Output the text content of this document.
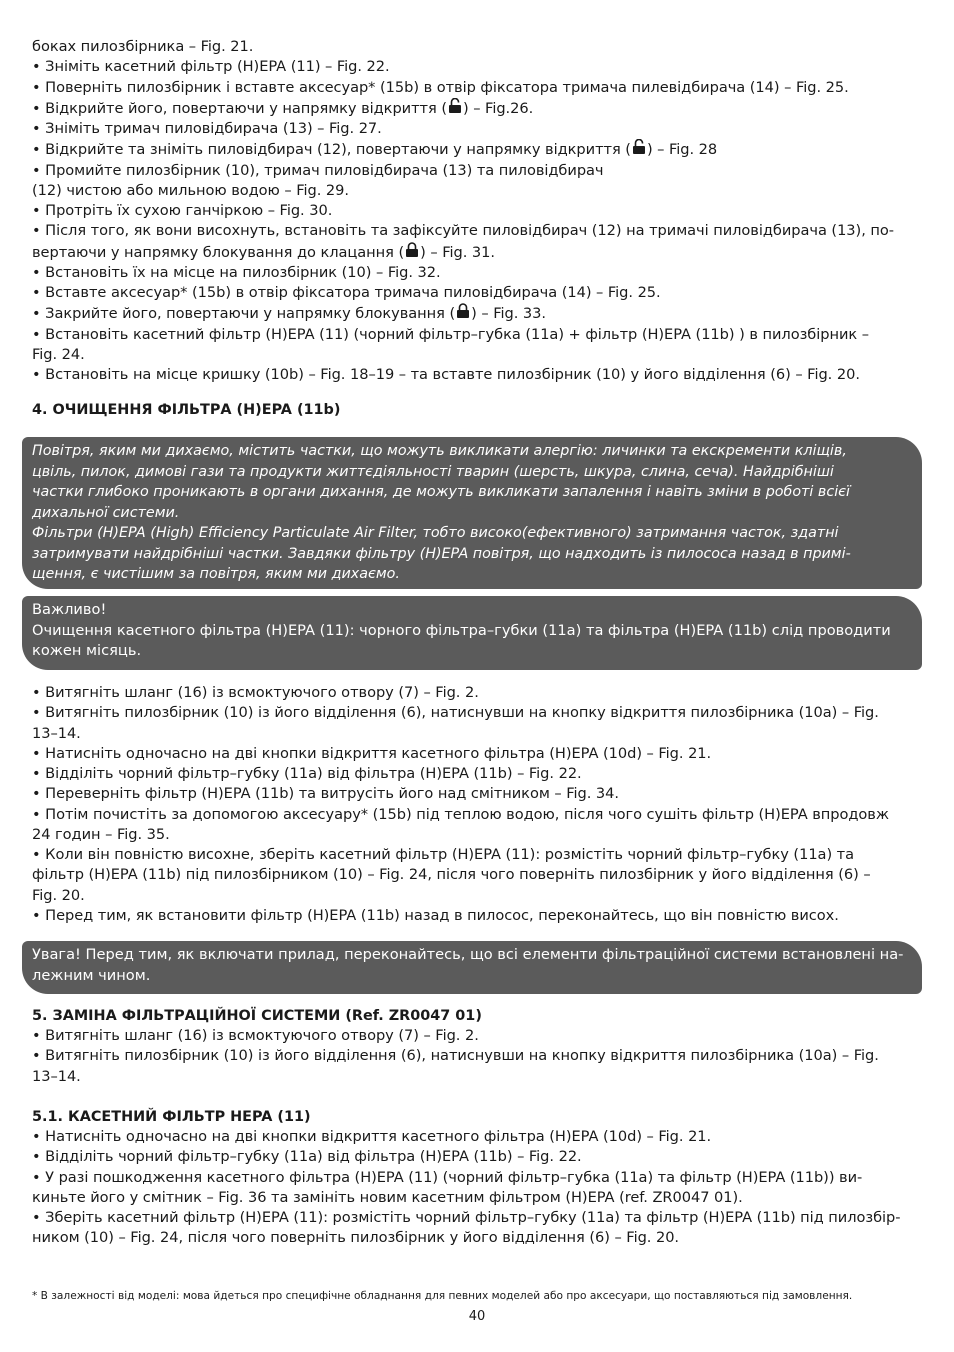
боках пилозбірника – Fig. 21.
• Зніміть касетний фільтр (H)EPA (11) – Fig. 22.
• Поверніть пилозбірник і вставте аксесуар* (15b) в отвір фіксатора тримача пилевідбирача (14) – Fig. 25.
• Відкрийте його, повертаючи у напрямку відкриття ( ) – Fig.26.
• Зніміть тримач пиловідбирача (13) – Fig. 27.
• Відкрийте та зніміть пиловідбирач (12), повертаючи у напрямку відкриття ( ) – Fig. 28
• Промийте пилозбірник (10), тримач пиловідбирача (13) та пиловідбирач
(12) чистою або мильною водою – Fig. 29.
• Протріть їх сухою ганчіркою – Fig. 30.
• Після того, як вони висохнуть, встановіть та зафіксуйте пиловідбирач (12) на тримачі пиловідбирача (13), по-
вертаючи у напрямку блокування до клацання ( ) – Fig. 31.
• Встановіть їх на місце на пилозбірник (10) – Fig. 32.
• Вставте аксесуар* (15b) в отвір фіксатора тримача пиловідбирача (14) – Fig. 25.
• Закрийте його, повертаючи у напрямку блокування ( ) – Fig. 33.
• Встановіть касетний фільтр (H)EPA (11) (чорний фільтр–губка (11a) + фільтр (H)EPA (11b) ) в пилозбірник –
Fig. 24.
• Встановіть на місце кришку (10b) – Fig. 18–19 – та вставте пилозбірник (10) у його відділення (6) – Fig. 20.
4. ОЧИЩЕННЯ ФІЛЬТРА (H)EPA (11b)
Повітря, яким ми дихаємо, містить частки, що можуть викликати алергію: личинки та екскременти кліщів,
цвіль, пилок, димові гази та продукти життєдіяльності тварин (шерсть, шкура, слина, сеча). Найдрібніші
частки глибоко проникають в органи дихання, де можуть викликати запалення і навіть зміни в роботі всієї
дихальної системи.
Фільтри (H)EPA (High) Efficiency Particulate Air Filter, тобто високо(ефективного) затримання часток, здатні
затримувати найдрібніші частки. Завдяки фільтру (H)EPA повітря, що надходить із пилососа назад в примі-
щення, є чистішим за повітря, яким ми дихаємо.
Важливо!
Очищення касетного фільтра (H)EPA (11): чорного фільтра–губки (11a) та фільтра (H)EPA (11b) слід проводити
кожен місяць.
• Витягніть шланг (16) із всмоктуючого отвору (7) – Fig. 2.
• Витягніть пилозбірник (10) із його відділення (6), натиснувши на кнопку відкриття пилозбірника (10a) – Fig.
13–14.
• Натисніть одночасно на дві кнопки відкриття касетного фільтра (H)EPA (10d) – Fig. 21.
• Відділіть чорний фільтр–губку (11a) від фільтра (H)EPA (11b) – Fig. 22.
• Переверніть фільтр (H)EPA (11b) та витрусіть його над смітником – Fig. 34.
• Потім почистіть за допомогою аксесуару* (15b) під теплою водою, після чого сушіть фільтр (H)EPA впродовж
24 годин – Fig. 35.
• Коли він повністю висохне, зберіть касетний фільтр (H)EPA (11): розмістіть чорний фільтр–губку (11a) та
фільтр (H)EPA (11b) під пилозбірником (10) – Fig. 24, після чого поверніть пилозбірник у його відділення (6) –
Fig. 20.
• Перед тим, як встановити фільтр (H)EPA (11b) назад в пилосос, переконайтесь, що він повністю висох.
Увага! Перед тим, як включати прилад, переконайтесь, що всі елементи фільтраційної системи встановлені на-
лежним чином.
5. ЗАМІНА ФІЛЬТРАЦІЙНОЇ СИСТЕМИ (Ref. ZR0047 01)
• Витягніть шланг (16) із всмоктуючого отвору (7) – Fig. 2.
• Витягніть пилозбірник (10) із його відділення (6), натиснувши на кнопку відкриття пилозбірника (10a) – Fig.
13–14.
5.1. КАСЕТНИЙ ФІЛЬТР HEPA (11)
• Натисніть одночасно на дві кнопки відкриття касетного фільтра (H)EPA (10d) – Fig. 21.
• Відділіть чорний фільтр–губку (11a) від фільтра (H)EPA (11b) – Fig. 22.
• У разі пошкодження касетного фільтра (H)EPA (11) (чорний фільтр–губка (11a) та фільтр (H)EPA (11b)) ви-
киньте його у смітник – Fig. 36 та замініть новим касетним фільтром (H)EPA (ref. ZR0047 01).
• Зберіть касетний фільтр (H)EPA (11): розмістіть чорний фільтр–губку (11a) та фільтр (H)EPA (11b) під пилозбір-
ником (10) – Fig. 24, після чого поверніть пилозбірник у його відділення (6) – Fig. 20.
* В залежності від моделі: мова йдеться про специфічне обладнання для певних моделей або про аксесуари, що поставляються під замовлення.
40
